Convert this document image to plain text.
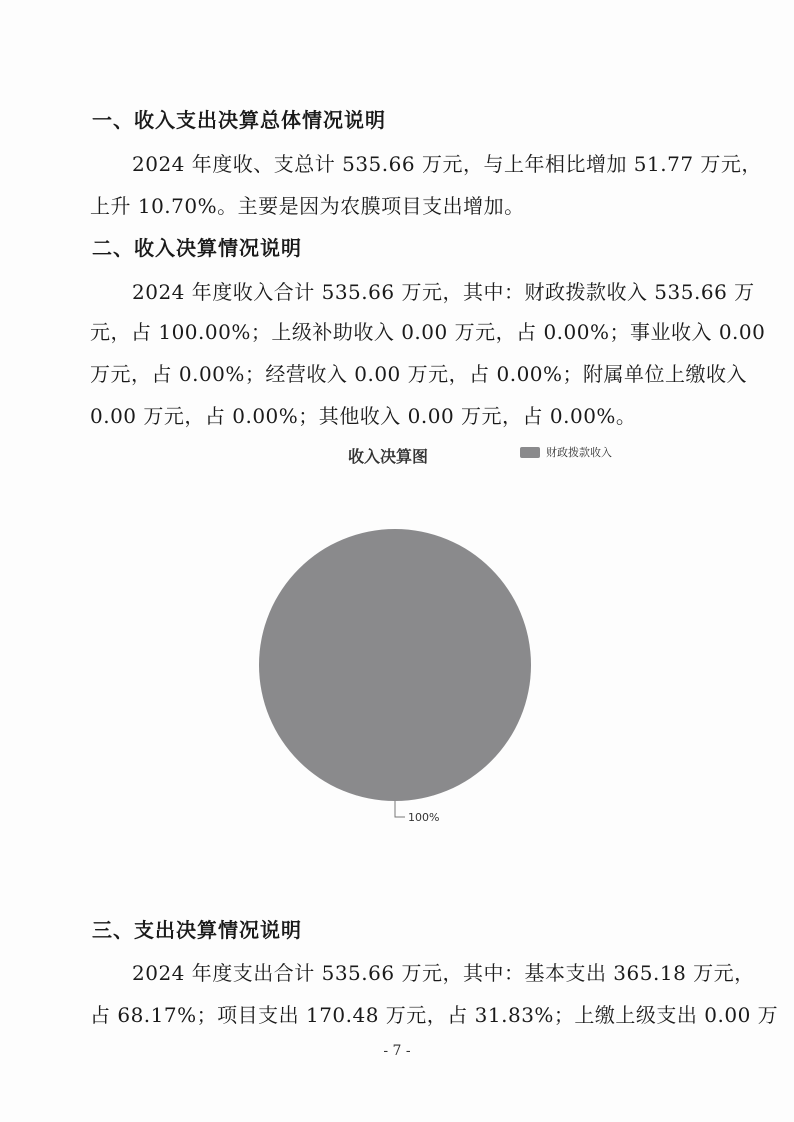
一、收入支出决算总体情况说明
2024 年度收、支总计 535.66 万元，与上年相比增加 51.77 万元，
上升 10.70%。主要是因为农膜项目支出增加。
二、收入决算情况说明
2024 年度收入合计 535.66 万元，其中：财政拨款收入 535.66 万
元，占 100.00%；上级补助收入 0.00 万元，占 0.00%；事业收入 0.00
万元，占 0.00%；经营收入 0.00 万元，占 0.00%；附属单位上缴收入
0.00 万元，占 0.00%；其他收入 0.00 万元，占 0.00%。
收入决算图	财政拨款收入
100%
三、支出决算情况说明
2024 年度支出合计 535.66 万元，其中：基本支出 365.18 万元，
占 68.17%；项目支出 170.48 万元，占 31.83%；上缴上级支出 0.00 万
- 7 -
